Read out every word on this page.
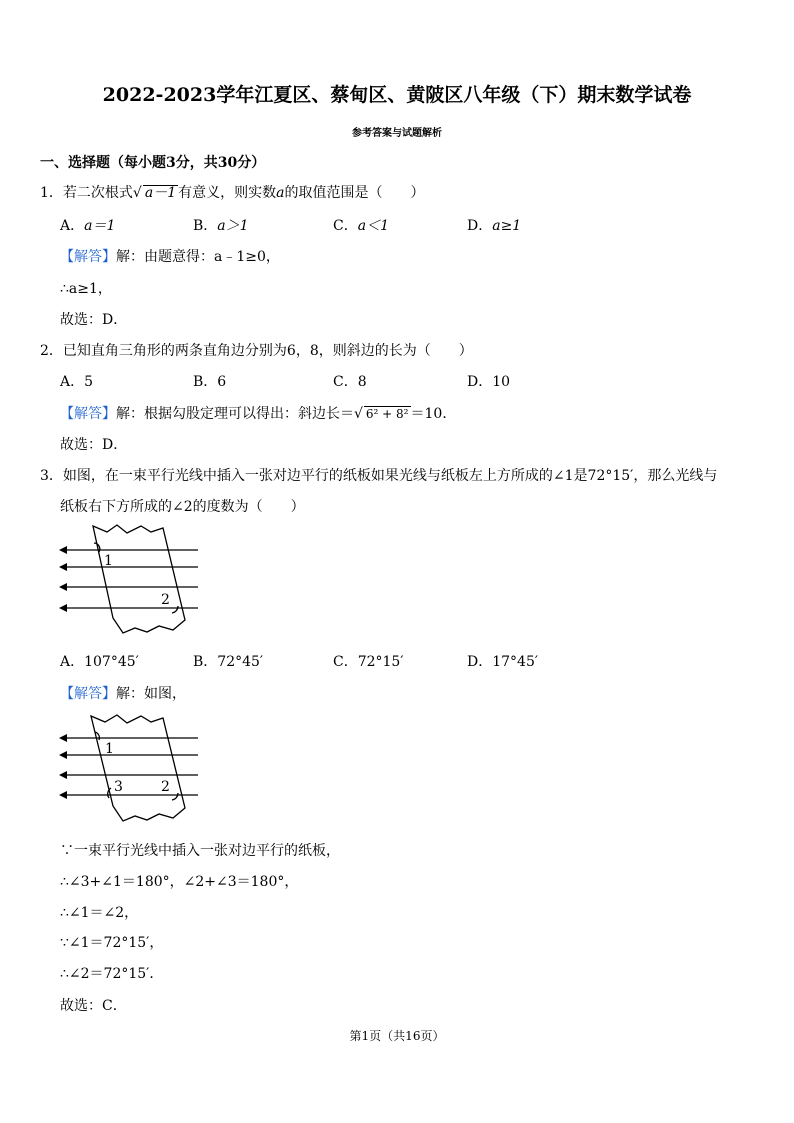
2022-2023学年江夏区、蔡甸区、黄陂区八年级（下）期末数学试卷
参考答案与试题解析
一、选择题（每小题3分，共30分）
1．若二次根式√ a－1 有意义，则实数a的取值范围是（　　）
A．a＝1	B．a＞1	C．a＜1	D．a≥1
【解答】解：由题意得：a﹣1≥0，
∴a≥1，
故选：D．
2．已知直角三角形的两条直角边分别为6，8，则斜边的长为（　　）
A．5	B．6	C．8	D．10
【解答】解：根据勾股定理可以得出：斜边长＝√ 6² + 8² ＝10．
故选：D．
3．如图，在一束平行光线中插入一张对边平行的纸板如果光线与纸板左上方所成的∠1是72°15′，那么光线与
纸板右下方所成的∠2的度数为（　　）
1
2
A．107°45′	B．72°45′	C．72°15′	D．17°45′
【解答】解：如图，
1
3	2
∵一束平行光线中插入一张对边平行的纸板，
∴∠3+∠1＝180°，∠2+∠3＝180°，
∴∠1＝∠2，
∵∠1＝72°15′，
∴∠2＝72°15′．
故选：C．
第1页（共16页）
